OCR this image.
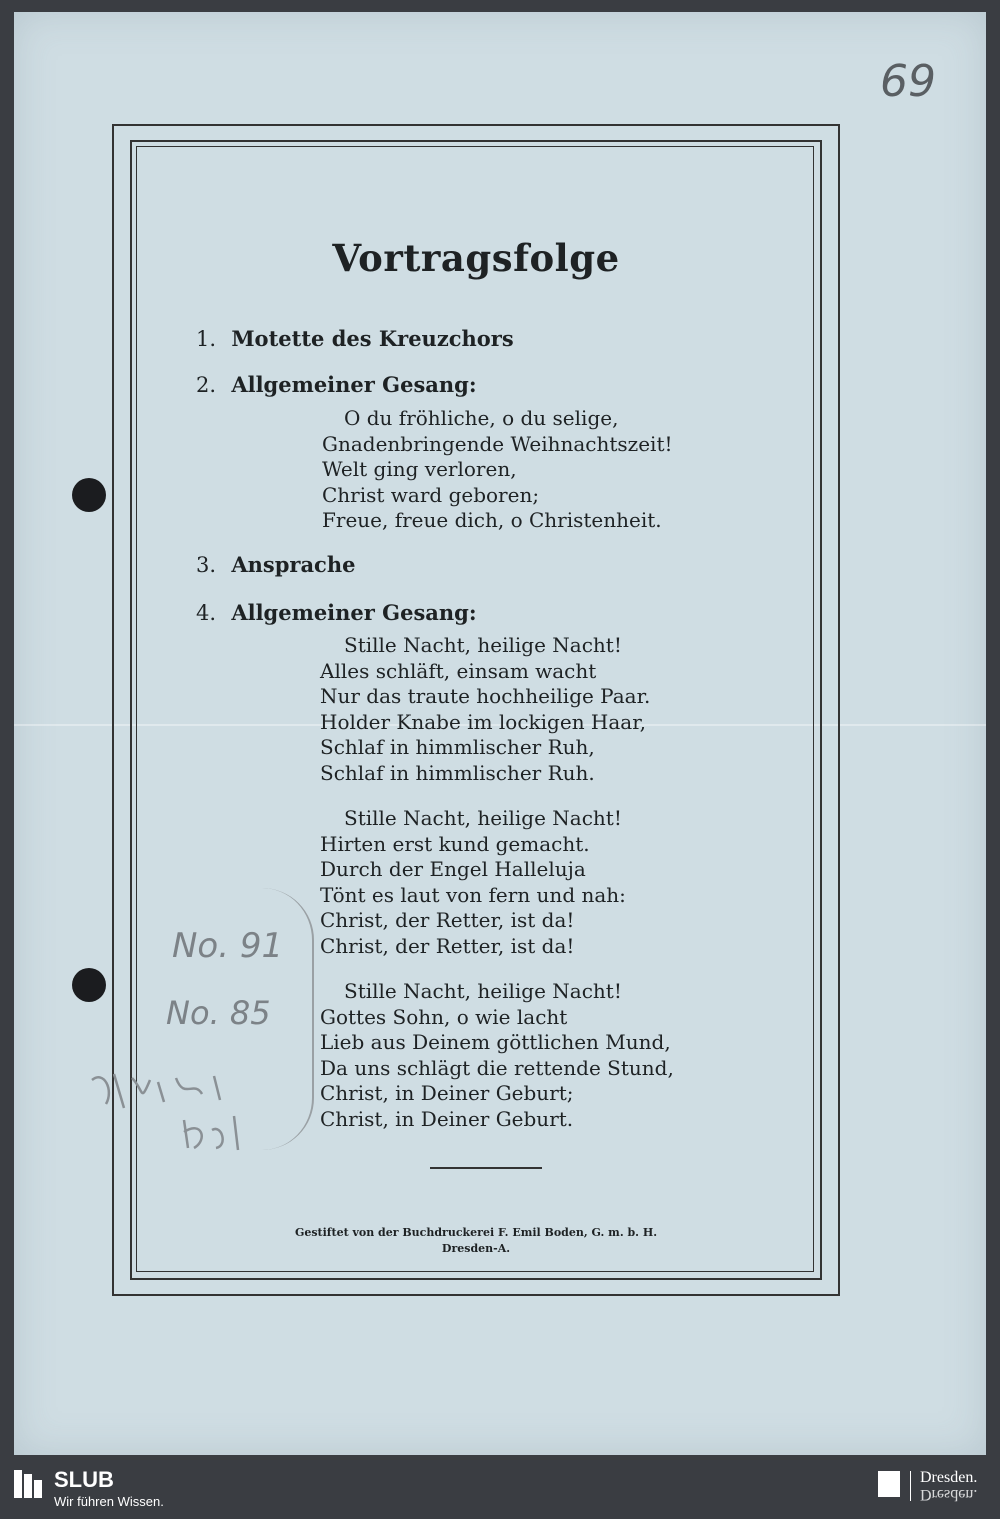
69
Vortragsfolge
1. Motette des Kreuzchors
2. Allgemeiner Gesang:
O du fröhliche, o du selige,
Gnadenbringende Weihnachtszeit!
Welt ging verloren,
Christ ward geboren;
Freue, freue dich, o Christenheit.
3. Ansprache
4. Allgemeiner Gesang:
Stille Nacht, heilige Nacht!
Alles schläft, einsam wacht
Nur das traute hochheilige Paar.
Holder Knabe im lockigen Haar,
Schlaf in himmlischer Ruh,
Schlaf in himmlischer Ruh.
Stille Nacht, heilige Nacht!
Hirten erst kund gemacht.
Durch der Engel Halleluja
Tönt es laut von fern und nah:
Christ, der Retter, ist da!
Christ, der Retter, ist da!
Stille Nacht, heilige Nacht!
Gottes Sohn, o wie lacht
Lieb aus Deinem göttlichen Mund,
Da uns schlägt die rettende Stund,
Christ, in Deiner Geburt;
Christ, in Deiner Geburt.
Gestiftet von der Buchdruckerei F. Emil Boden, G. m. b. H.
Dresden-A.
No. 91
No. 85
SLUB
Wir führen Wissen.
Dresden.
Dresden.
